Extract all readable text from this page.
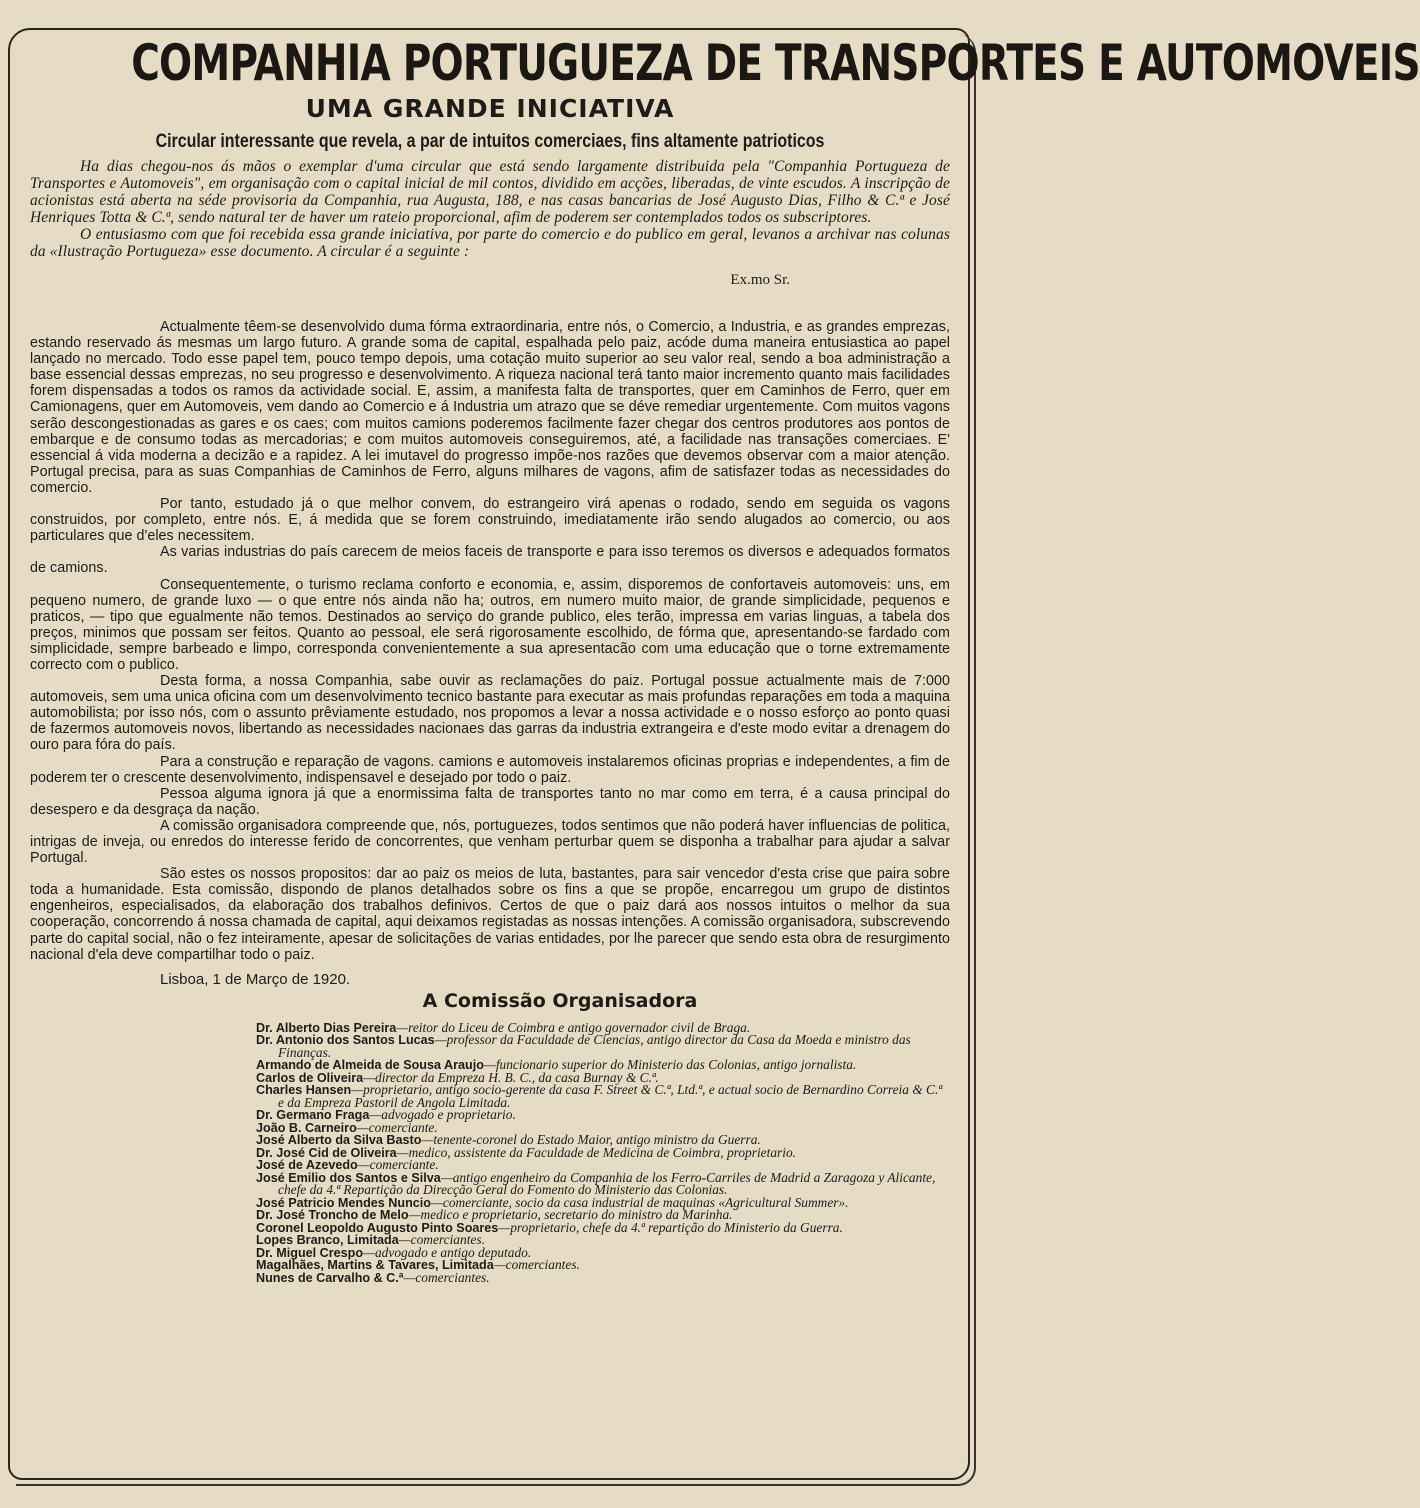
COMPANHIA PORTUGUEZA DE TRANSPORTES E AUTOMOVEIS
UMA GRANDE INICIATIVA
Circular interessante que revela, a par de intuitos comerciaes, fins altamente patrioticos

Ha dias chegou-nos ás mãos o exemplar d'uma circular que está sendo largamente distribuida pela "Companhia Portugueza de Transportes e Automoveis", em organisação com o capital inicial de mil contos, dividido em acções, liberadas, de vinte escudos. A inscripção de acionistas está aberta na séde provisoria da Companhia, rua Augusta, 188, e nas casas bancarias de José Augusto Dias, Filho & C.ª e José Henriques Totta & C.ª, sendo natural ter de haver um rateio proporcional, afim de poderem ser contemplados todos os subscriptores.

O entusiasmo com que foi recebida essa grande iniciativa, por parte do comercio e do publico em geral, levanos a archivar nas colunas da «Ilustração Portugueza» esse documento. A circular é a seguinte :

Ex.mo Sr.

Actualmente têem-se desenvolvido duma fórma extraordinaria, entre nós, o Comercio, a Industria, e as grandes emprezas, estando reservado ás mesmas um largo futuro. A grande soma de capital, espalhada pelo paiz, acóde duma maneira entusiastica ao papel lançado no mercado. Todo esse papel tem, pouco tempo depois, uma cotação muito superior ao seu valor real, sendo a boa administração a base essencial dessas emprezas, no seu progresso e desenvolvimento. A riqueza nacional terá tanto maior incremento quanto mais facilidades forem dispensadas a todos os ramos da actividade social. E, assim, a manifesta falta de transportes, quer em Caminhos de Ferro, quer em Camionagens, quer em Automoveis, vem dando ao Comercio e á Industria um atrazo que se déve remediar urgentemente. Com muitos vagons serão descongestionadas as gares e os caes; com muitos camions poderemos facilmente fazer chegar dos centros produtores aos pontos de embarque e de consumo todas as mercadorias; e com muitos automoveis conseguiremos, até, a facilidade nas transações comerciaes. E' essencial á vida moderna a decizão e a rapidez. A lei imutavel do progresso impõe-nos razões que devemos observar com a maior atenção. Portugal precisa, para as suas Companhias de Caminhos de Ferro, alguns milhares de vagons, afim de satisfazer todas as necessidades do comercio.

Por tanto, estudado já o que melhor convem, do estrangeiro virá apenas o rodado, sendo em seguida os vagons construidos, por completo, entre nós. E, á medida que se forem construindo, imediatamente irão sendo alugados ao comercio, ou aos particulares que d'eles necessitem.

As varias industrias do país carecem de meios faceis de transporte e para isso teremos os diversos e adequados formatos de camions.

Consequentemente, o turismo reclama conforto e economia, e, assim, disporemos de confortaveis automoveis: uns, em pequeno numero, de grande luxo — o que entre nós ainda não ha; outros, em numero muito maior, de grande simplicidade, pequenos e praticos, — tipo que egualmente não temos. Destinados ao serviço do grande publico, eles terão, impressa em varias linguas, a tabela dos preços, minimos que possam ser feitos. Quanto ao pessoal, ele será rigorosamente escolhido, de fórma que, apresentando-se fardado com simplicidade, sempre barbeado e limpo, corresponda convenientemente a sua apresentacão com uma educação que o torne extremamente correcto com o publico.

Desta forma, a nossa Companhia, sabe ouvir as reclamações do paiz. Portugal possue actualmente mais de 7:000 automoveis, sem uma unica oficina com um desenvolvimento tecnico bastante para executar as mais profundas reparações em toda a maquina automobilista; por isso nós, com o assunto prêviamente estudado, nos propomos a levar a nossa actividade e o nosso esforço ao ponto quasi de fazermos automoveis novos, libertando as necessidades nacionaes das garras da industria extrangeira e d'este modo evitar a drenagem do ouro para fóra do país.

Para a construção e reparação de vagons. camions e automoveis instalaremos oficinas proprias e independentes, a fim de poderem ter o crescente desenvolvimento, indispensavel e desejado por todo o paiz.

Pessoa alguma ignora já que a enormissima falta de transportes tanto no mar como em terra, é a causa principal do desespero e da desgraça da nação.

A comissão organisadora compreende que, nós, portuguezes, todos sentimos que não poderá haver influencias de politica, intrigas de inveja, ou enredos do interesse ferido de concorrentes, que venham perturbar quem se disponha a trabalhar para ajudar a salvar Portugal.

São estes os nossos propositos: dar ao paiz os meios de luta, bastantes, para sair vencedor d'esta crise que paira sobre toda a humanidade. Esta comissão, dispondo de planos detalhados sobre os fins a que se propõe, encarregou um grupo de distintos engenheiros, especialisados, da elaboração dos trabalhos definivos. Certos de que o paiz dará aos nossos intuitos o melhor da sua cooperação, concorrendo á nossa chamada de capital, aqui deixamos registadas as nossas intenções. A comissão organisadora, subscrevendo parte do capital social, não o fez inteiramente, apesar de solicitações de varias entidades, por lhe parecer que sendo esta obra de resurgimento nacional d'ela deve compartilhar todo o paiz.

Lisboa, 1 de Março de 1920.
A Comissão Organisadora

Dr. Alberto Dias Pereira—reitor do Liceu de Coimbra e antigo governador civil de Braga.

Dr. Antonio dos Santos Lucas—professor da Faculdade de Ciencias, antigo director da Casa da Moeda e ministro das Finanças.

Armando de Almeida de Sousa Araujo—funcionario superior do Ministerio das Colonias, antigo jornalista.

Carlos de Oliveira—director da Empreza H. B. C., da casa Burnay & C.ª.

Charles Hansen—proprietario, antigo socio-gerente da casa F. Street & C.ª, Ltd.ª, e actual socio de Bernardino Correia & C.ª e da Empreza Pastoril de Angola Limitada.

Dr. Germano Fraga—advogado e proprietario.

João B. Carneiro—comerciante.

José Alberto da Silva Basto—tenente-coronel do Estado Maior, antigo ministro da Guerra.

Dr. José Cid de Oliveira—medico, assistente da Faculdade de Medicina de Coimbra, proprietario.

José de Azevedo—comerciante.

José Emilio dos Santos e Silva—antigo engenheiro da Companhia de los Ferro-Carriles de Madrid a Zaragoza y Alicante, chefe da 4.ª Repartição da Direcção Geral do Fomento do Ministerio das Colonias.

José Patricio Mendes Nuncio—comerciante, socio da casa industrial de maquinas «Agricultural Summer».

Dr. José Troncho de Melo—medico e proprietario, secretario do ministro da Marinha.

Coronel Leopoldo Augusto Pinto Soares—proprietario, chefe da 4.ª repartição do Ministerio da Guerra.

Lopes Branco, Limitada—comerciantes.

Dr. Miguel Crespo—advogado e antigo deputado.

Magalhães, Martins & Tavares, Limitada—comerciantes.

Nunes de Carvalho & C.ª—comerciantes.
